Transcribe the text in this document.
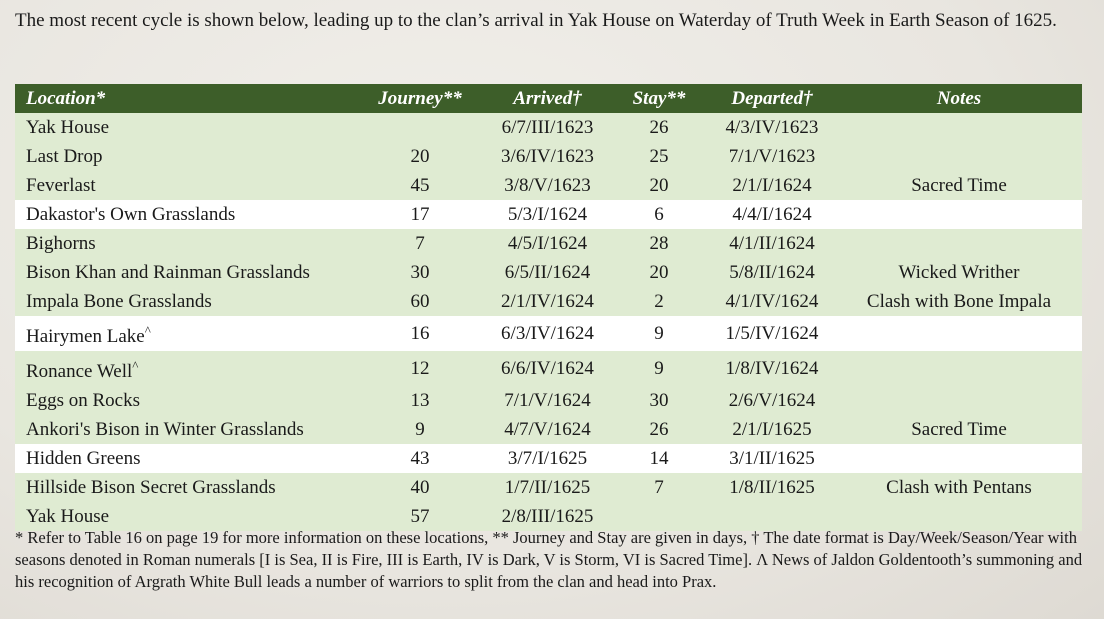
The most recent cycle is shown below, leading up to the clan’s arrival in Yak House on Waterday of Truth Week in Earth Season of 1625.

Location*	Journey**	Arrived†	Stay**	Departed†	Notes
Yak House		6/7/III/1623	26	4/3/IV/1623	
Last Drop	20	3/6/IV/1623	25	7/1/V/1623	
Feverlast	45	3/8/V/1623	20	2/1/I/1624	Sacred Time
Dakastor's Own Grasslands	17	5/3/I/1624	6	4/4/I/1624	
Bighorns	7	4/5/I/1624	28	4/1/II/1624	
Bison Khan and Rainman Grasslands	30	6/5/II/1624	20	5/8/II/1624	Wicked Writher
Impala Bone Grasslands	60	2/1/IV/1624	2	4/1/IV/1624	Clash with Bone Impala
Hairymen Lake^	16	6/3/IV/1624	9	1/5/IV/1624	
Ronance Well^	12	6/6/IV/1624	9	1/8/IV/1624	
Eggs on Rocks	13	7/1/V/1624	30	2/6/V/1624	
Ankori's Bison in Winter Grasslands	9	4/7/V/1624	26	2/1/I/1625	Sacred Time
Hidden Greens	43	3/7/I/1625	14	3/1/II/1625	
Hillside Bison Secret Grasslands	40	1/7/II/1625	7	1/8/II/1625	Clash with Pentans
Yak House	57	2/8/III/1625			

* Refer to Table 16 on page 19 for more information on these locations, ** Journey and Stay are given in days, † The date format is Day/Week/Season/Year with seasons denoted in Roman numerals [I is Sea, II is Fire, III is Earth, IV is Dark, V is Storm, VI is Sacred Time]. Λ News of Jaldon Goldentooth’s summoning and his recognition of Argrath White Bull leads a number of warriors to split from the clan and head into Prax.
